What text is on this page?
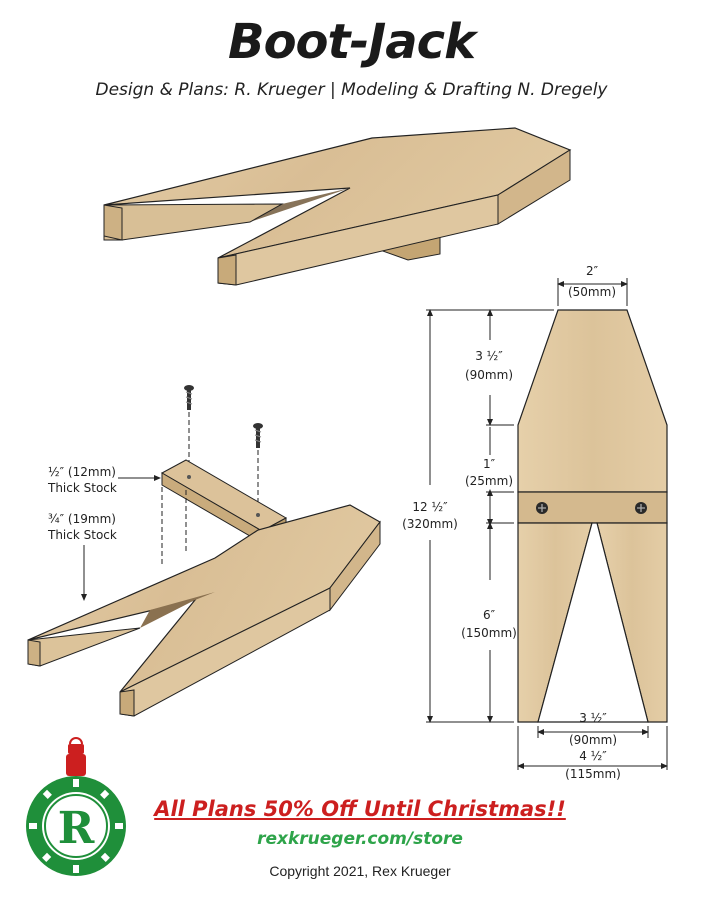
Boot-Jack
Design & Plans: R. Krueger | Modeling & Drafting N. Dregely
½″ (12mm)
Thick Stock
¾″ (19mm)
Thick Stock
2″
(50mm)
3 ½″
(90mm)
1″
(25mm)
6″
(150mm)
12 ½″
(320mm)
3 ½″
(90mm)
4 ½″
(115mm)
R	All Plans 50% Off Until Christmas!!
rexkrueger.com/store
Copyright 2021, Rex Krueger
